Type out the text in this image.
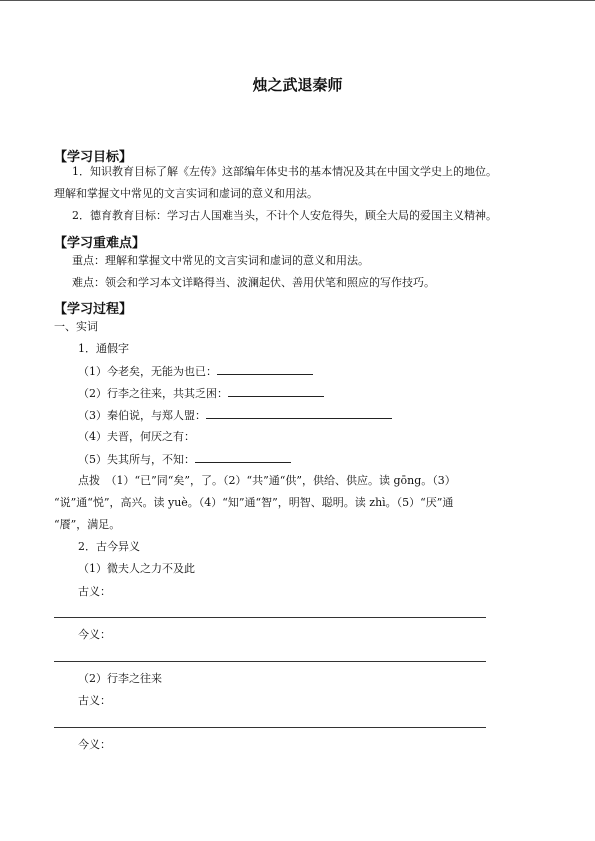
烛之武退秦师
【学习目标】
1．知识教育目标了解《左传》这部编年体史书的基本情况及其在中国文学史上的地位。
理解和掌握文中常见的文言实词和虚词的意义和用法。
2．德育教育目标：学习古人国难当头，不计个人安危得失，顾全大局的爱国主义精神。
【学习重难点】
重点：理解和掌握文中常见的文言实词和虚词的意义和用法。
难点：领会和学习本文详略得当、波澜起伏、善用伏笔和照应的写作技巧。
【学习过程】
一、实词
1．通假字
（1）今老矣，无能为也已：
（2）行李之往来，共其乏困：
（3）秦伯说，与郑人盟：
（4）夫晋，何厌之有：
（5）失其所与，不知：
点拨　（1）“已”同“矣”，了。（2）“共”通“供”，供给、供应。读 gōng。（3）
“说”通“悦”，高兴。读 yuè。（4）“知”通“智”，明智、聪明。读 zhì。（5）“厌”通
“餍”，满足。
2．古今异义
（1）微夫人之力不及此
古义：
今义：
（2）行李之往来
古义：
今义：
